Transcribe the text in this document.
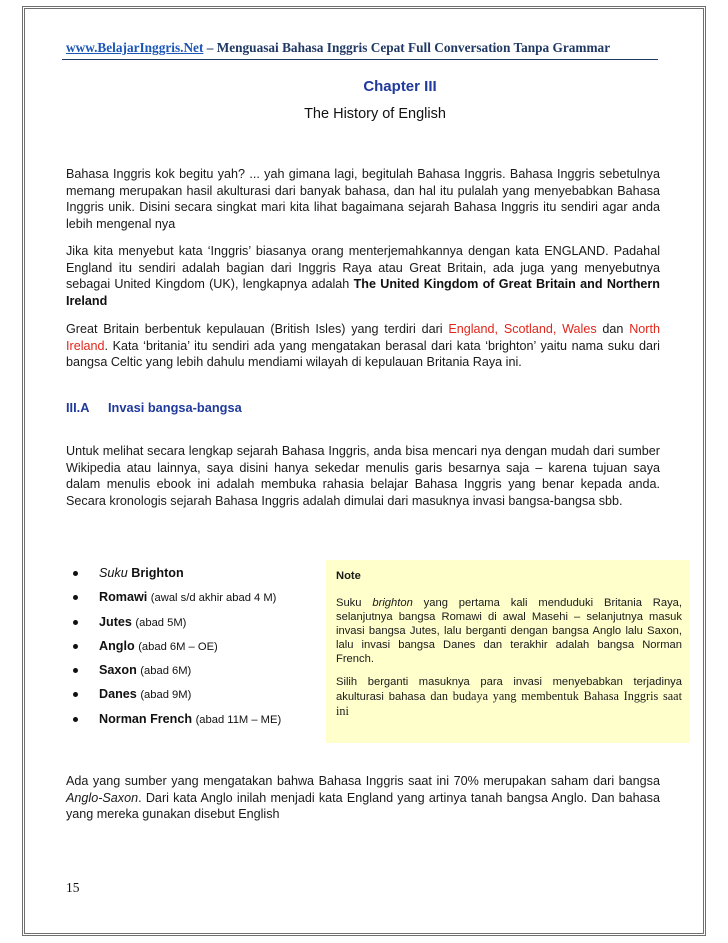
www.BelajarInggris.Net – Menguasai Bahasa Inggris Cepat Full Conversation Tanpa Grammar
Chapter III
The History of English
Bahasa Inggris kok begitu yah? ... yah gimana lagi, begitulah Bahasa Inggris. Bahasa Inggris sebetulnya memang merupakan hasil akulturasi dari banyak bahasa, dan hal itu pulalah yang menyebabkan Bahasa Inggris unik. Disini secara singkat mari kita lihat bagaimana sejarah Bahasa Inggris itu sendiri agar anda lebih mengenal nya
Jika kita menyebut kata ‘Inggris’ biasanya orang menterjemahkannya dengan kata ENGLAND. Padahal England itu sendiri adalah bagian dari Inggris Raya atau Great Britain, ada juga yang menyebutnya sebagai United Kingdom (UK), lengkapnya adalah The United Kingdom of Great Britain and Northern Ireland
Great Britain berbentuk kepulauan (British Isles) yang terdiri dari England, Scotland, Wales dan North Ireland. Kata ‘britania’ itu sendiri ada yang mengatakan berasal dari kata ‘brighton’ yaitu nama suku dari bangsa Celtic yang lebih dahulu mendiami wilayah di kepulauan Britania Raya ini.
III.A Invasi bangsa-bangsa
Untuk melihat secara lengkap sejarah Bahasa Inggris, anda bisa mencari nya dengan mudah dari sumber Wikipedia atau lainnya, saya disini hanya sekedar menulis garis besarnya saja – karena tujuan saya dalam menulis ebook ini adalah membuka rahasia belajar Bahasa Inggris yang benar kepada anda. Secara kronologis sejarah Bahasa Inggris adalah dimulai dari masuknya invasi bangsa-bangsa sbb.
Suku Brighton
Romawi (awal s/d akhir abad 4 M)
Jutes (abad 5M)
Anglo (abad 6M – OE)
Saxon (abad 6M)
Danes (abad 9M)
Norman French (abad 11M – ME)
Note

Suku brighton yang pertama kali menduduki Britania Raya, selanjutnya bangsa Romawi di awal Masehi – selanjutnya masuk invasi bangsa Jutes, lalu berganti dengan bangsa Anglo lalu Saxon, lalu invasi bangsa Danes dan terakhir adalah bangsa Norman French.

Silih berganti masuknya para invasi menyebabkan terjadinya akulturasi bahasa dan budaya yang membentuk Bahasa Inggris saat ini

Ada yang sumber yang mengatakan bahwa Bahasa Inggris saat ini 70% merupakan saham dari bangsa Anglo-Saxon. Dari kata Anglo inilah menjadi kata England yang artinya tanah bangsa Anglo. Dan bahasa yang mereka gunakan disebut English
15
